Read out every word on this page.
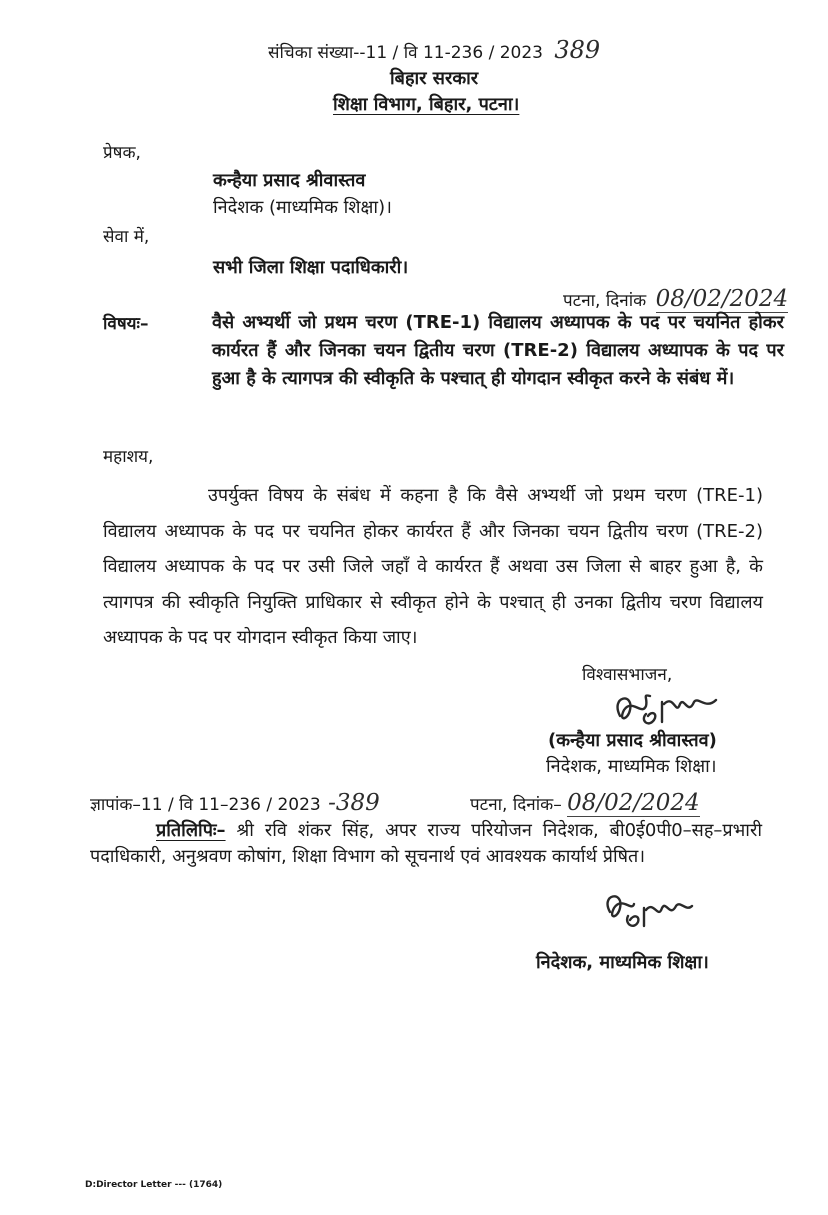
संचिका संख्या--11 / वि 11-236 / 2023 389
बिहार सरकार
शिक्षा विभाग, बिहार, पटना।
प्रेषक,
कन्हैया प्रसाद श्रीवास्तव
निदेशक (माध्यमिक शिक्षा)।
सेवा में,
सभी जिला शिक्षा पदाधिकारी।
पटना, दिनांक 08/02/2024
विषयः–	वैसे अभ्यर्थी जो प्रथम चरण (TRE-1) विद्यालय अध्यापक के पद पर चयनित होकर कार्यरत हैं और जिनका चयन द्वितीय चरण (TRE-2) विद्यालय अध्यापक के पद पर हुआ है के त्यागपत्र की स्वीकृति के पश्चात् ही योगदान स्वीकृत करने के संबंध में।
महाशय,
उपर्युक्त विषय के संबंध में कहना है कि वैसे अभ्यर्थी जो प्रथम चरण (TRE-1) विद्यालय अध्यापक के पद पर चयनित होकर कार्यरत हैं और जिनका चयन द्वितीय चरण (TRE-2) विद्यालय अध्यापक के पद पर उसी जिले जहाँ वे कार्यरत हैं अथवा उस जिला से बाहर हुआ है, के त्यागपत्र की स्वीकृति नियुक्ति प्राधिकार से स्वीकृत होने के पश्चात् ही उनका द्वितीय चरण विद्यालय अध्यापक के पद पर योगदान स्वीकृत किया जाए।
विश्वासभाजन,
(कन्हैया प्रसाद श्रीवास्तव)
निदेशक, माध्यमिक शिक्षा।
ज्ञापांक–11 / वि 11–236 / 2023 -389	पटना, दिनांक– 08/02/2024
प्रतिलिपिः– श्री रवि शंकर सिंह, अपर राज्य परियोजन निदेशक, बी0ई0पी0–सह–प्रभारी पदाधिकारी, अनुश्रवण कोषांग, शिक्षा विभाग को सूचनार्थ एवं आवश्यक कार्यार्थ प्रेषित।
निदेशक, माध्यमिक शिक्षा।
D:Director Letter --- (1764)
